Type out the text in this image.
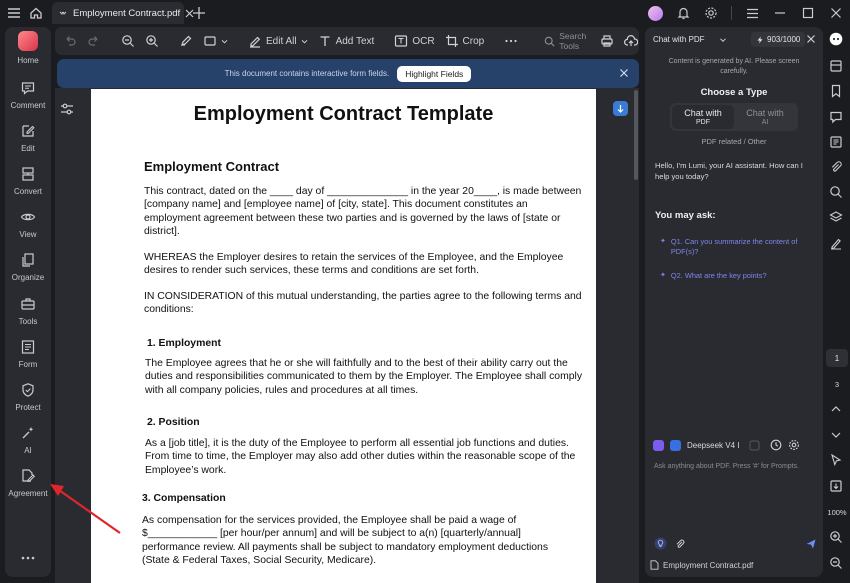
Employment Contract.pdf
Home
Comment
Edit
Convert
View
Organize
Tools
Form
Protect
AI
Agreement
Edit All	Add Text	OCR	Crop	Search Tools
This document contains interactive form fields.	Highlight Fields
Employment Contract Template
Employment Contract
This contract, dated on the ____ day of ______________ in the year 20____, is made between
[company name] and [employee name] of [city, state]. This document constitutes an
employment agreement between these two parties and is governed by the laws of [state or
district].
WHEREAS the Employer desires to retain the services of the Employee, and the Employee
desires to render such services, these terms and conditions are set forth.
IN CONSIDERATION of this mutual understanding, the parties agree to the following terms and
conditions:
1. Employment
The Employee agrees that he or she will faithfully and to the best of their ability carry out the
duties and responsibilities communicated to them by the Employer. The Employee shall comply
with all company policies, rules and procedures at all times.
2. Position
As a [job title], it is the duty of the Employee to perform all essential job functions and duties.
From time to time, the Employer may also add other duties within the reasonable scope of the
Employee’s work.
3. Compensation
As compensation for the services provided, the Employee shall be paid a wage of
$____________ [per hour/per annum] and will be subject to a(n) [quarterly/annual]
performance review. All payments shall be subject to mandatory employment deductions
(State & Federal Taxes, Social Security, Medicare).
Chat with PDF	903/1000
Content is generated by AI. Please screen carefully.
Choose a Type
Chat with
PDF
Chat with
AI
PDF related / Other
Hello, I'm Lumi, your AI assistant. How can I help you today?
You may ask:
✦ Q1. Can you summarize the content of PDF(s)?
✦ Q2. What are the key points?
Deepseek V4 I
Ask anything about PDF. Press '#' for Prompts.
Employment Contract.pdf
1
3
100%
